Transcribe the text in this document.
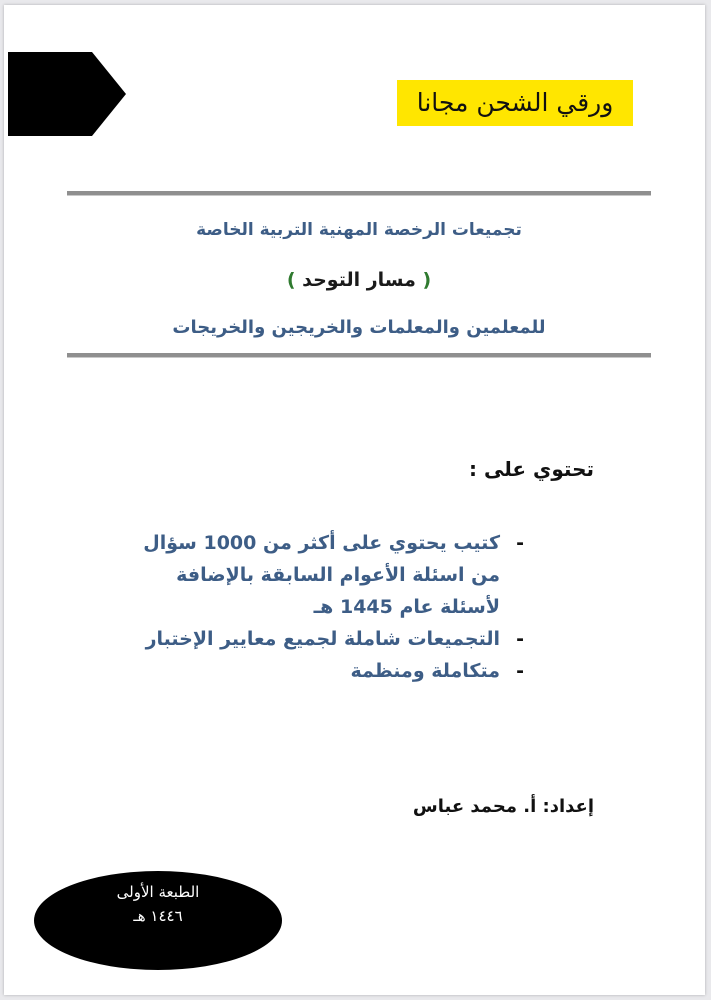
ورقي الشحن مجانا
تجميعات الرخصة المهنية التربية الخاصة
( مسار التوحد )
للمعلمين والمعلمات والخريجين والخريجات
تحتوي على :
- كتيب يحتوي على أكثر من 1000 سؤال من اسئلة الأعوام السابقة بالإضافة لأسئلة عام 1445 هـ
- التجميعات شاملة لجميع معايير الإختبار
- متكاملة ومنظمة
إعداد: أ. محمد عباس
الطبعة الأولى
١٤٤٦ هـ
